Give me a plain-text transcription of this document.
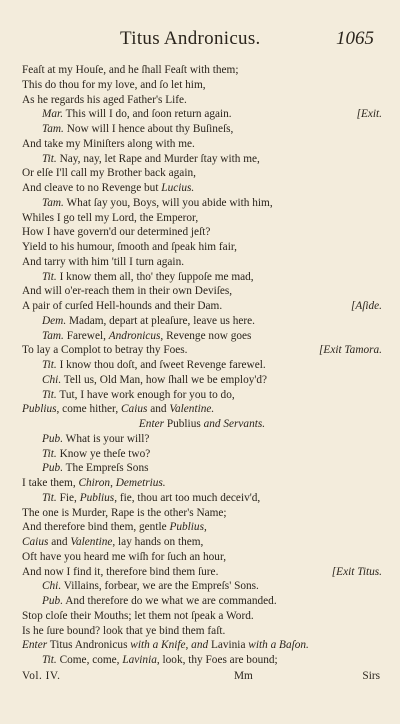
Titus Andronicus.	1065
Feaſt at my Houſe, and he ſhall Feaſt with them;
This do thou for my love, and ſo let him,
As he regards his aged Father's Life.
Mar. This will I do, and ſoon return again.	[Exit.
Tam. Now will I hence about thy Buſineſs,
And take my Miniſters along with me.
Tit. Nay, nay, let Rape and Murder ſtay with me,
Or elſe I'll call my Brother back again,
And cleave to no Revenge but Lucius.
Tam. What ſay you, Boys, will you abide with him,
Whiles I go tell my Lord, the Emperor,
How I have govern'd our determined jeſt?
Yield to his humour, ſmooth and ſpeak him fair,
And tarry with him 'till I turn again.
Tit. I know them all, tho' they ſuppoſe me mad,
And will o'er-reach them in their own Deviſes,
A pair of curſed Hell-hounds and their Dam.	[Aſide.
Dem. Madam, depart at pleaſure, leave us here.
Tam. Farewel, Andronicus, Revenge now goes
To lay a Complot to betray thy Foes.	[Exit Tamora.
Tit. I know thou doſt, and ſweet Revenge farewel.
Chi. Tell us, Old Man, how ſhall we be employ'd?
Tit. Tut, I have work enough for you to do,
Publius, come hither, Caius and Valentine.
Enter Publius and Servants.
Pub. What is your will?
Tit. Know ye theſe two?
Pub. The Empreſs Sons
I take them, Chiron, Demetrius.
Tit. Fie, Publius, fie, thou art too much deceiv'd,
The one is Murder, Rape is the other's Name;
And therefore bind them, gentle Publius,
Caius and Valentine, lay hands on them,
Oft have you heard me wiſh for ſuch an hour,
And now I find it, therefore bind them ſure.	[Exit Titus.
Chi. Villains, forbear, we are the Empreſs' Sons.
Pub. And therefore do we what we are commanded.
Stop cloſe their Mouths; let them not ſpeak a Word.
Is he ſure bound? look that ye bind them faſt.
Enter Titus Andronicus with a Knife, and Lavinia with a Baſon.
Tit. Come, come, Lavinia, look, thy Foes are bound;
Vol. IV.	Mm	Sirs
